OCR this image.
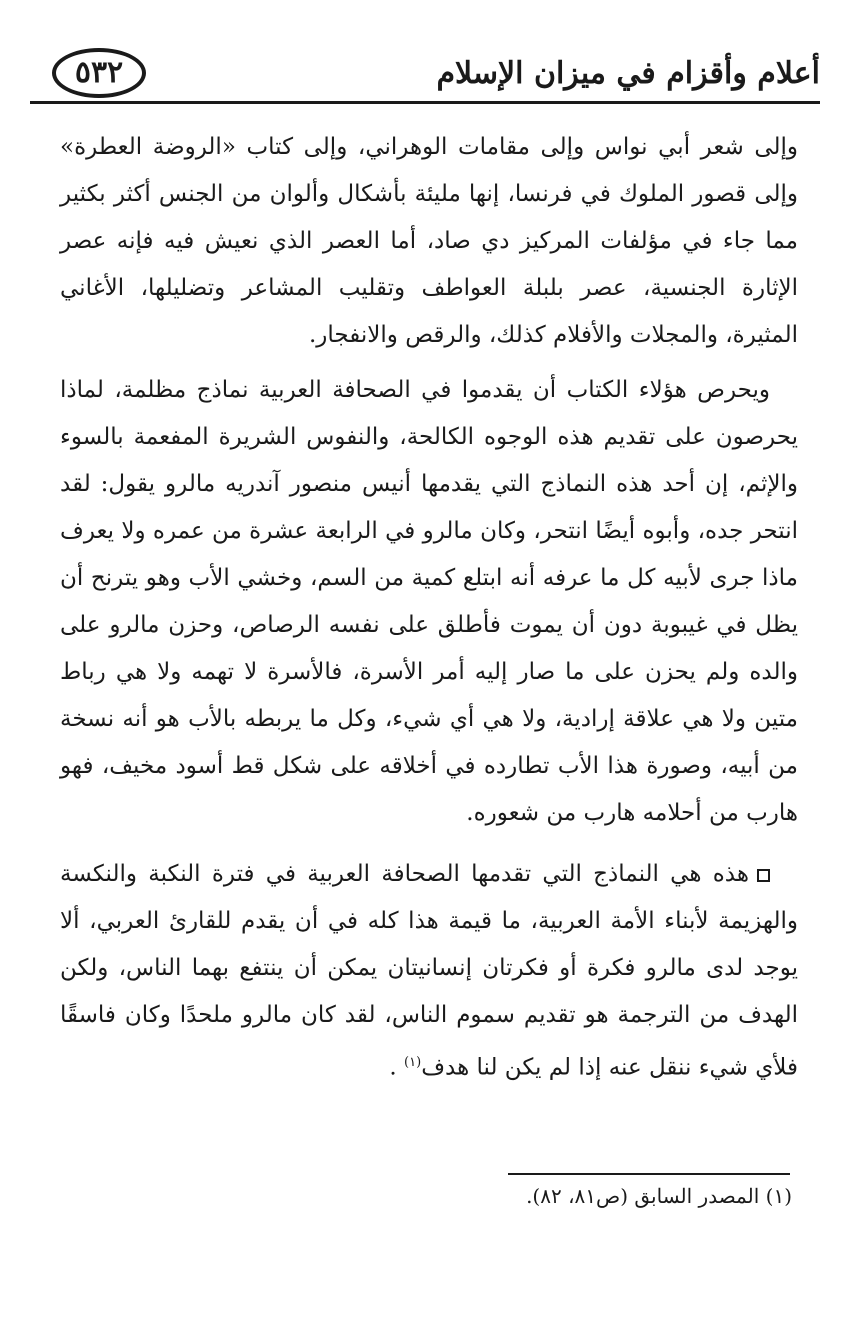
٥٣٢	أعلام وأقزام في ميزان الإسلام

وإلى شعر أبي نواس وإلى مقامات الوهراني، وإلى كتاب «الروضة العطرة» وإلى قصور الملوك في فرنسا، إنها مليئة بأشكال وألوان من الجنس أكثر بكثير مما جاء في مؤلفات المركيز دي صاد، أما العصر الذي نعيش فيه فإنه عصر الإثارة الجنسية، عصر بلبلة العواطف وتقليب المشاعر وتضليلها، الأغاني المثيرة، والمجلات والأفلام كذلك، والرقص والانفجار.

ويحرص هؤلاء الكتاب أن يقدموا في الصحافة العربية نماذج مظلمة، لماذا يحرصون على تقديم هذه الوجوه الكالحة، والنفوس الشريرة المفعمة بالسوء والإثم، إن أحد هذه النماذج التي يقدمها أنيس منصور آندريه مالرو يقول: لقد انتحر جده، وأبوه أيضًا انتحر، وكان مالرو في الرابعة عشرة من عمره ولا يعرف ماذا جرى لأبيه كل ما عرفه أنه ابتلع كمية من السم، وخشي الأب وهو يترنح أن يظل في غيبوبة دون أن يموت فأطلق على نفسه الرصاص، وحزن مالرو على والده ولم يحزن على ما صار إليه أمر الأسرة، فالأسرة لا تهمه ولا هي رباط متين ولا هي علاقة إرادية، ولا هي أي شيء، وكل ما يربطه بالأب هو أنه نسخة من أبيه، وصورة هذا الأب تطارده في أخلاقه على شكل قط أسود مخيف، فهو هارب من أحلامه هارب من شعوره.

هذه هي النماذج التي تقدمها الصحافة العربية في فترة النكبة والنكسة والهزيمة لأبناء الأمة العربية، ما قيمة هذا كله في أن يقدم للقارئ العربي، ألا يوجد لدى مالرو فكرة أو فكرتان إنسانيتان يمكن أن ينتفع بهما الناس، ولكن الهدف من الترجمة هو تقديم سموم الناس، لقد كان مالرو ملحدًا وكان فاسقًا فلأي شيء ننقل عنه إذا لم يكن لنا هدف$^{(١)}$ .

(١) المصدر السابق (ص٨١، ٨٢).
